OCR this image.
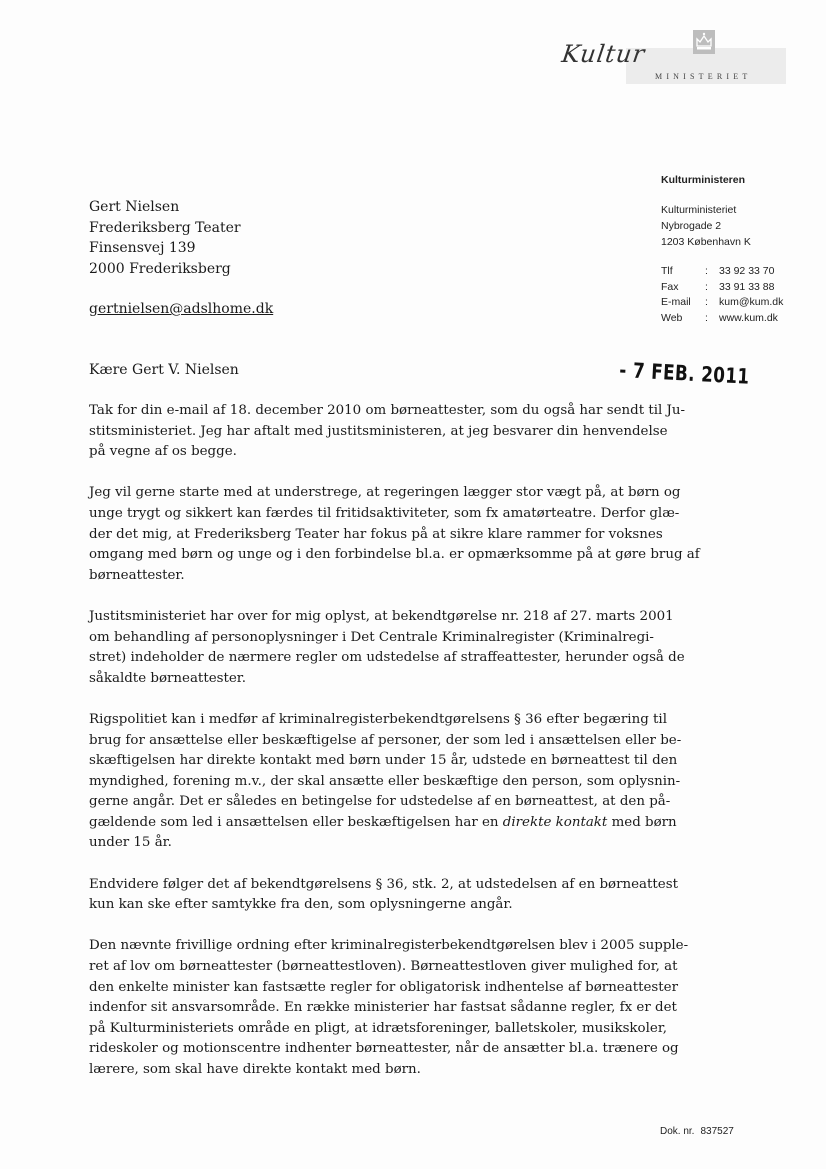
Kultur
MINISTERIET
Kulturministeren
Kulturministeriet
Nybrogade 2
1203 København K
Tlf	:	33 92 33 70
Fax	:	33 91 33 88
E-mail	:	kum@kum.dk
Web	:	www.kum.dk
Gert Nielsen
Frederiksberg Teater
Finsensvej 139
2000 Frederiksberg
gertnielsen@adslhome.dk
Kære Gert V. Nielsen	- 7 FEB. 2011

Tak for din e-mail af 18. december 2010 om børneattester, som du også har sendt til Ju-
stitsministeriet. Jeg har aftalt med justitsministeren, at jeg besvarer din henvendelse
på vegne af os begge.

Jeg vil gerne starte med at understrege, at regeringen lægger stor vægt på, at børn og
unge trygt og sikkert kan færdes til fritidsaktiviteter, som fx amatørteatre. Derfor glæ-
der det mig, at Frederiksberg Teater har fokus på at sikre klare rammer for voksnes
omgang med børn og unge og i den forbindelse bl.a. er opmærksomme på at gøre brug af
børneattester.

Justitsministeriet har over for mig oplyst, at bekendtgørelse nr. 218 af 27. marts 2001
om behandling af personoplysninger i Det Centrale Kriminalregister (Kriminalregi-
stret) indeholder de nærmere regler om udstedelse af straffeattester, herunder også de
såkaldte børneattester.

Rigspolitiet kan i medfør af kriminalregisterbekendtgørelsens § 36 efter begæring til
brug for ansættelse eller beskæftigelse af personer, der som led i ansættelsen eller be-
skæftigelsen har direkte kontakt med børn under 15 år, udstede en børneattest til den
myndighed, forening m.v., der skal ansætte eller beskæftige den person, som oplysnin-
gerne angår. Det er således en betingelse for udstedelse af en børneattest, at den på-
gældende som led i ansættelsen eller beskæftigelsen har en direkte kontakt med børn
under 15 år.

Endvidere følger det af bekendtgørelsens § 36, stk. 2, at udstedelsen af en børneattest
kun kan ske efter samtykke fra den, som oplysningerne angår.

Den nævnte frivillige ordning efter kriminalregisterbekendtgørelsen blev i 2005 supple-
ret af lov om børneattester (børneattestloven). Børneattestloven giver mulighed for, at
den enkelte minister kan fastsætte regler for obligatorisk indhentelse af børneattester
indenfor sit ansvarsområde. En række ministerier har fastsat sådanne regler, fx er det
på Kulturministeriets område en pligt, at idrætsforeninger, balletskoler, musikskoler,
rideskoler og motionscentre indhenter børneattester, når de ansætter bl.a. trænere og
lærere, som skal have direkte kontakt med børn.

Dok. nr. 837527
